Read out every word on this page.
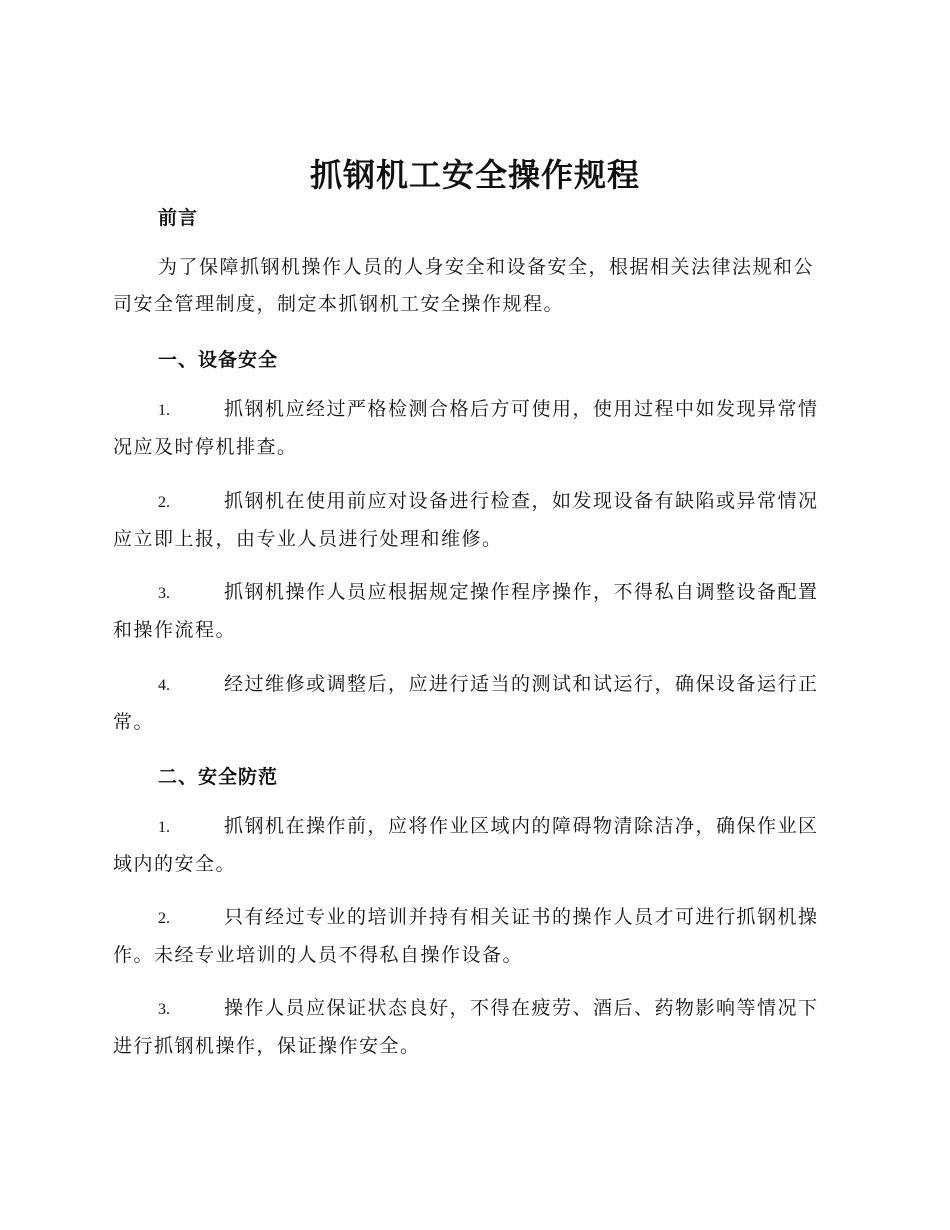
抓钢机工安全操作规程
前言

为了保障抓钢机操作人员的人身安全和设备安全，根据相关法律法规和公司安全管理制度，制定本抓钢机工安全操作规程。

一、设备安全

1.	抓钢机应经过严格检测合格后方可使用，使用过程中如发现异常情况应及时停机排查。

2.	抓钢机在使用前应对设备进行检查，如发现设备有缺陷或异常情况应立即上报，由专业人员进行处理和维修。

3.	抓钢机操作人员应根据规定操作程序操作，不得私自调整设备配置和操作流程。

4.	经过维修或调整后，应进行适当的测试和试运行，确保设备运行正常。

二、安全防范

1.	抓钢机在操作前，应将作业区域内的障碍物清除洁净，确保作业区域内的安全。

2.	只有经过专业的培训并持有相关证书的操作人员才可进行抓钢机操作。未经专业培训的人员不得私自操作设备。

3.	操作人员应保证状态良好，不得在疲劳、酒后、药物影响等情况下进行抓钢机操作，保证操作安全。
